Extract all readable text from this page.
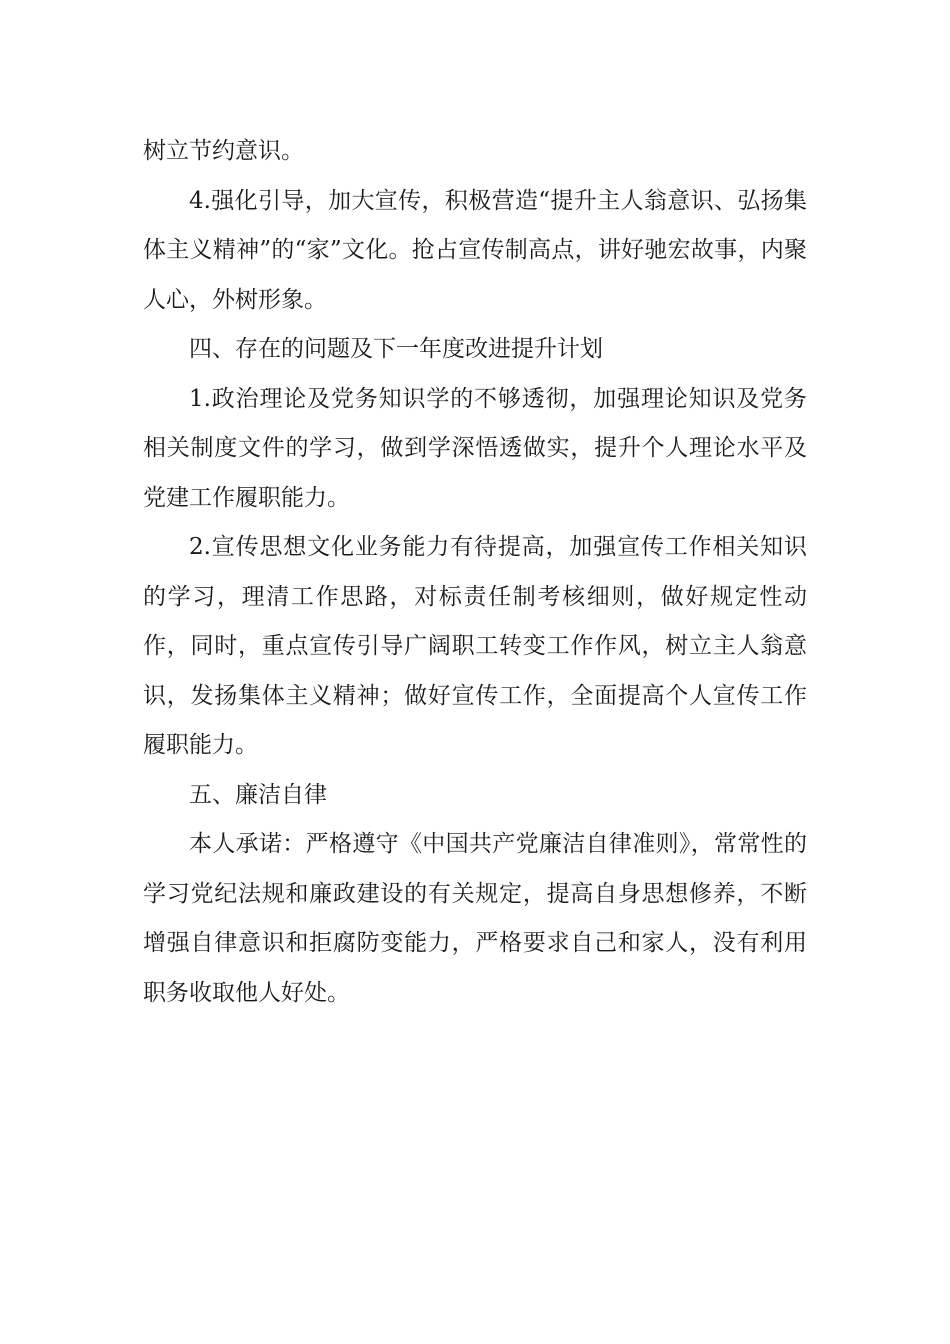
树立节约意识。

4.强化引导，加大宣传，积极营造“提升主人翁意识、弘扬集体主义精神”的“家”文化。抢占宣传制高点，讲好驰宏故事，内聚人心，外树形象。

四、存在的问题及下一年度改进提升计划

1.政治理论及党务知识学的不够透彻，加强理论知识及党务相关制度文件的学习，做到学深悟透做实，提升个人理论水平及党建工作履职能力。

2.宣传思想文化业务能力有待提高，加强宣传工作相关知识的学习，理清工作思路，对标责任制考核细则，做好规定性动作，同时，重点宣传引导广阔职工转变工作作风，树立主人翁意识，发扬集体主义精神；做好宣传工作，全面提高个人宣传工作履职能力。

五、廉洁自律

本人承诺：严格遵守《中国共产党廉洁自律准则》，常常性的学习党纪法规和廉政建设的有关规定，提高自身思想修养，不断增强自律意识和拒腐防变能力，严格要求自己和家人，没有利用职务收取他人好处。
